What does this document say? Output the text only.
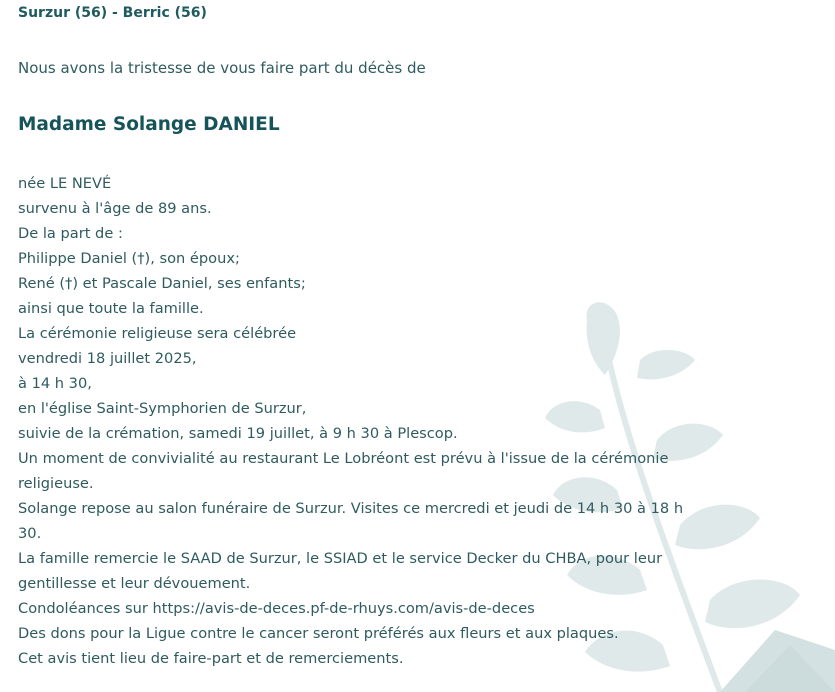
Surzur (56) - Berric (56)
Nous avons la tristesse de vous faire part du décès de
Madame Solange DANIEL
née LE NEVÉ
survenu à l'âge de 89 ans.
De la part de :
Philippe Daniel (†), son époux;
René (†) et Pascale Daniel, ses enfants;
ainsi que toute la famille.
La cérémonie religieuse sera célébrée
vendredi 18 juillet 2025,
à 14 h 30,
en l'église Saint-Symphorien de Surzur,
suivie de la crémation, samedi 19 juillet, à 9 h 30 à Plescop.
Un moment de convivialité au restaurant Le Lobréont est prévu à l'issue de la cérémonie
religieuse.
Solange repose au salon funéraire de Surzur. Visites ce mercredi et jeudi de 14 h 30 à 18 h
30.
La famille remercie le SAAD de Surzur, le SSIAD et le service Decker du CHBA, pour leur
gentillesse et leur dévouement.
Condoléances sur https://avis-de-deces.pf-de-rhuys.com/avis-de-deces
Des dons pour la Ligue contre le cancer seront préférés aux fleurs et aux plaques.
Cet avis tient lieu de faire-part et de remerciements.
